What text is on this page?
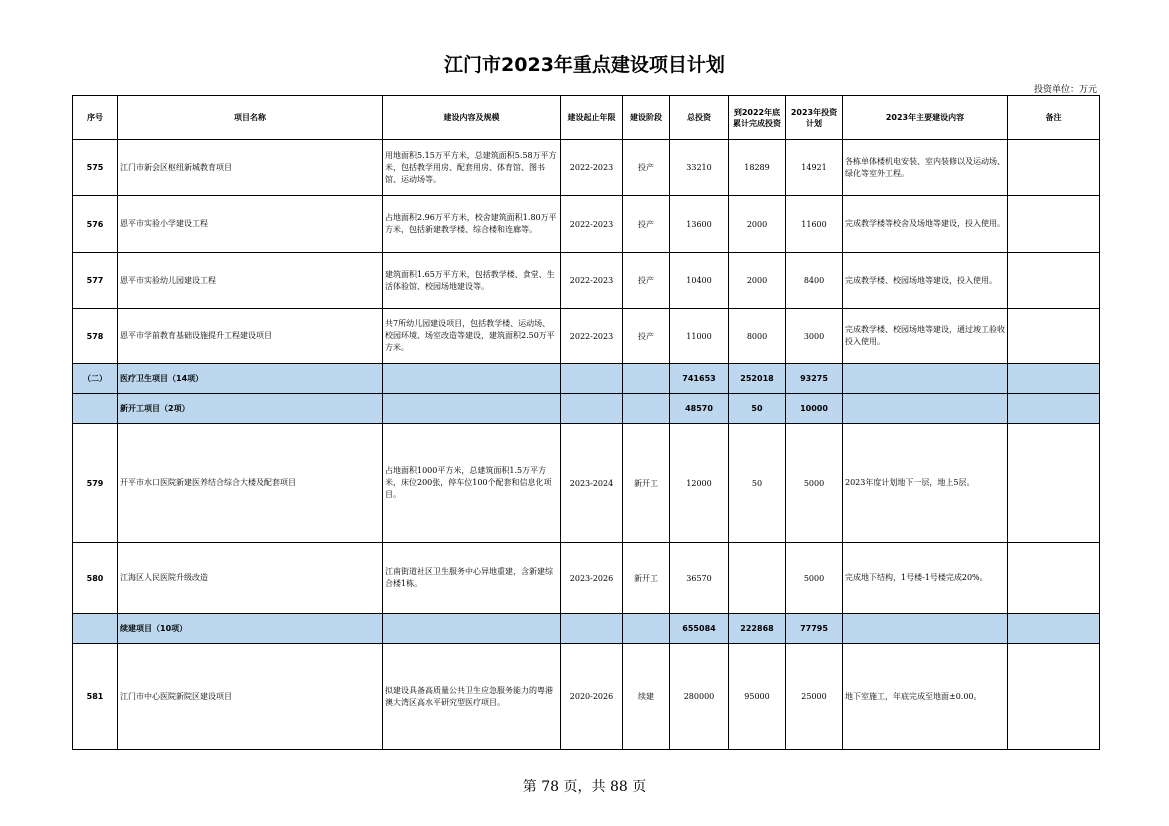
江门市2023年重点建设项目计划
投资单位：万元
序号	项目名称	建设内容及规模	建设起止年限	建设阶段	总投资	到2022年底累计完成投资	2023年投资计划	2023年主要建设内容	备注
575	江门市新会区枢纽新城教育项目	用地面积5.15万平方米，总建筑面积5.58万平方米，包括教学用房、配套用房、体育馆、图书馆、运动场等。	2022-2023	投产	33210	18289	14921	各栋单体楼机电安装、室内装修以及运动场、绿化等室外工程。	
576	恩平市实验小学建设工程	占地面积2.96万平方米，校舍建筑面积1.80万平方米，包括新建教学楼、综合楼和连廊等。	2022-2023	投产	13600	2000	11600	完成教学楼等校舍及场地等建设，投入使用。	
577	恩平市实验幼儿园建设工程	建筑面积1.65万平方米，包括教学楼、食堂、生活体验馆、校园场地建设等。	2022-2023	投产	10400	2000	8400	完成教学楼、校园场地等建设，投入使用。	
578	恩平市学前教育基础设施提升工程建设项目	共7所幼儿园建设项目，包括教学楼、运动场、校园环境、场室改造等建设，建筑面积2.50万平方米。	2022-2023	投产	11000	8000	3000	完成教学楼、校园场地等建设，通过竣工验收投入使用。	
（二）	医疗卫生项目（14项）				741653	252018	93275		
	新开工项目（2项）				48570	50	10000		
579	开平市水口医院新建医养结合综合大楼及配套项目	占地面积1000平方米，总建筑面积1.5万平方米，床位200张，停车位100个配套和信息化项目。	2023-2024	新开工	12000	50	5000	2023年度计划地下一层，地上5层。	
580	江海区人民医院升级改造	江南街道社区卫生服务中心异地重建，含新建综合楼1栋。	2023-2026	新开工	36570		5000	完成地下结构，1号楼-1号楼完成20%。	
	续建项目（10项）				655084	222868	77795		
581	江门市中心医院新院区建设项目	拟建设具备高质量公共卫生应急服务能力的粤港澳大湾区高水平研究型医疗项目。	2020-2026	续建	280000	95000	25000	地下室施工，年底完成至地面±0.00。	
第 78 页，共 88 页
